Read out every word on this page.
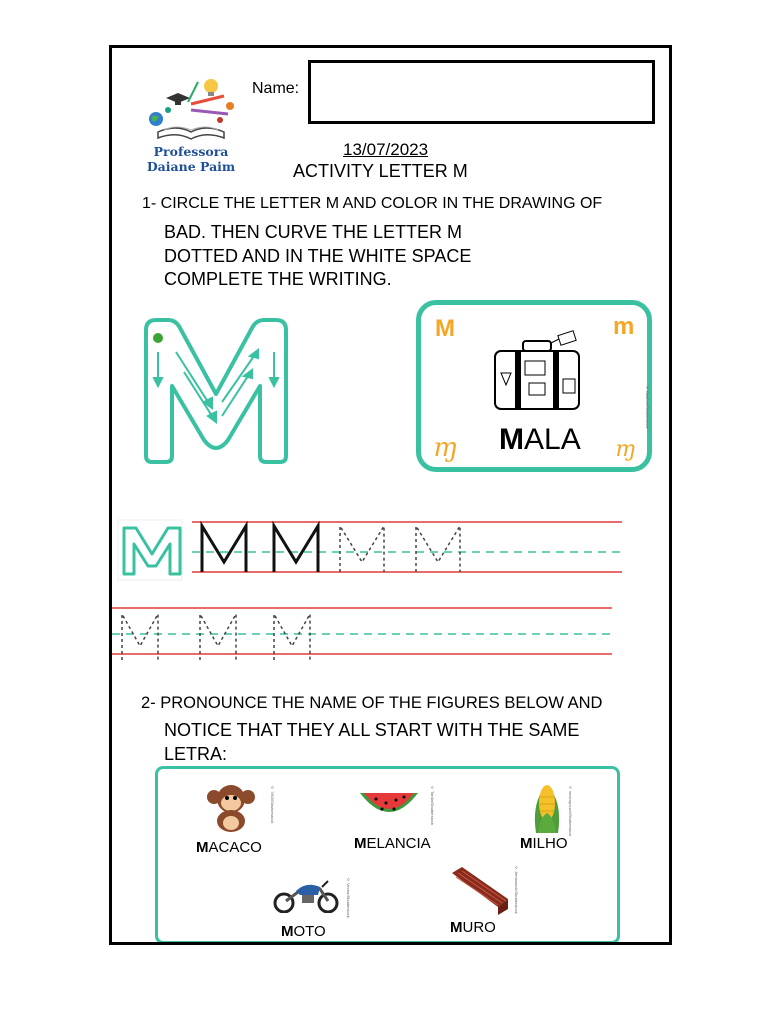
Professora
Daiane Paim
Name:
13/07/2023
ACTIVITY LETTER M
1- CIRCLE THE LETTER M AND COLOR IN THE DRAWING OF
BAD. THEN CURVE THE LETTER M
DOTTED AND IN THE WHITE SPACE
COMPLETE THE WRITING.
M	m
ɱ	ɱ
MALA
© Bauforn/Shutterstock
2- PRONOUNCE THE NAME OF THE FIGURES BELOW AND
NOTICE THAT THEY ALL START WITH THE SAME
LETRA:
© 7800/Shutterstock
MACACO
© Tartila/Shutterstock
MELANCIA
© vectorpouch/Shutterstock
MILHO
© Vector/Shutterstock
MOTO
© Jemastock/Shutterstock
MURO
